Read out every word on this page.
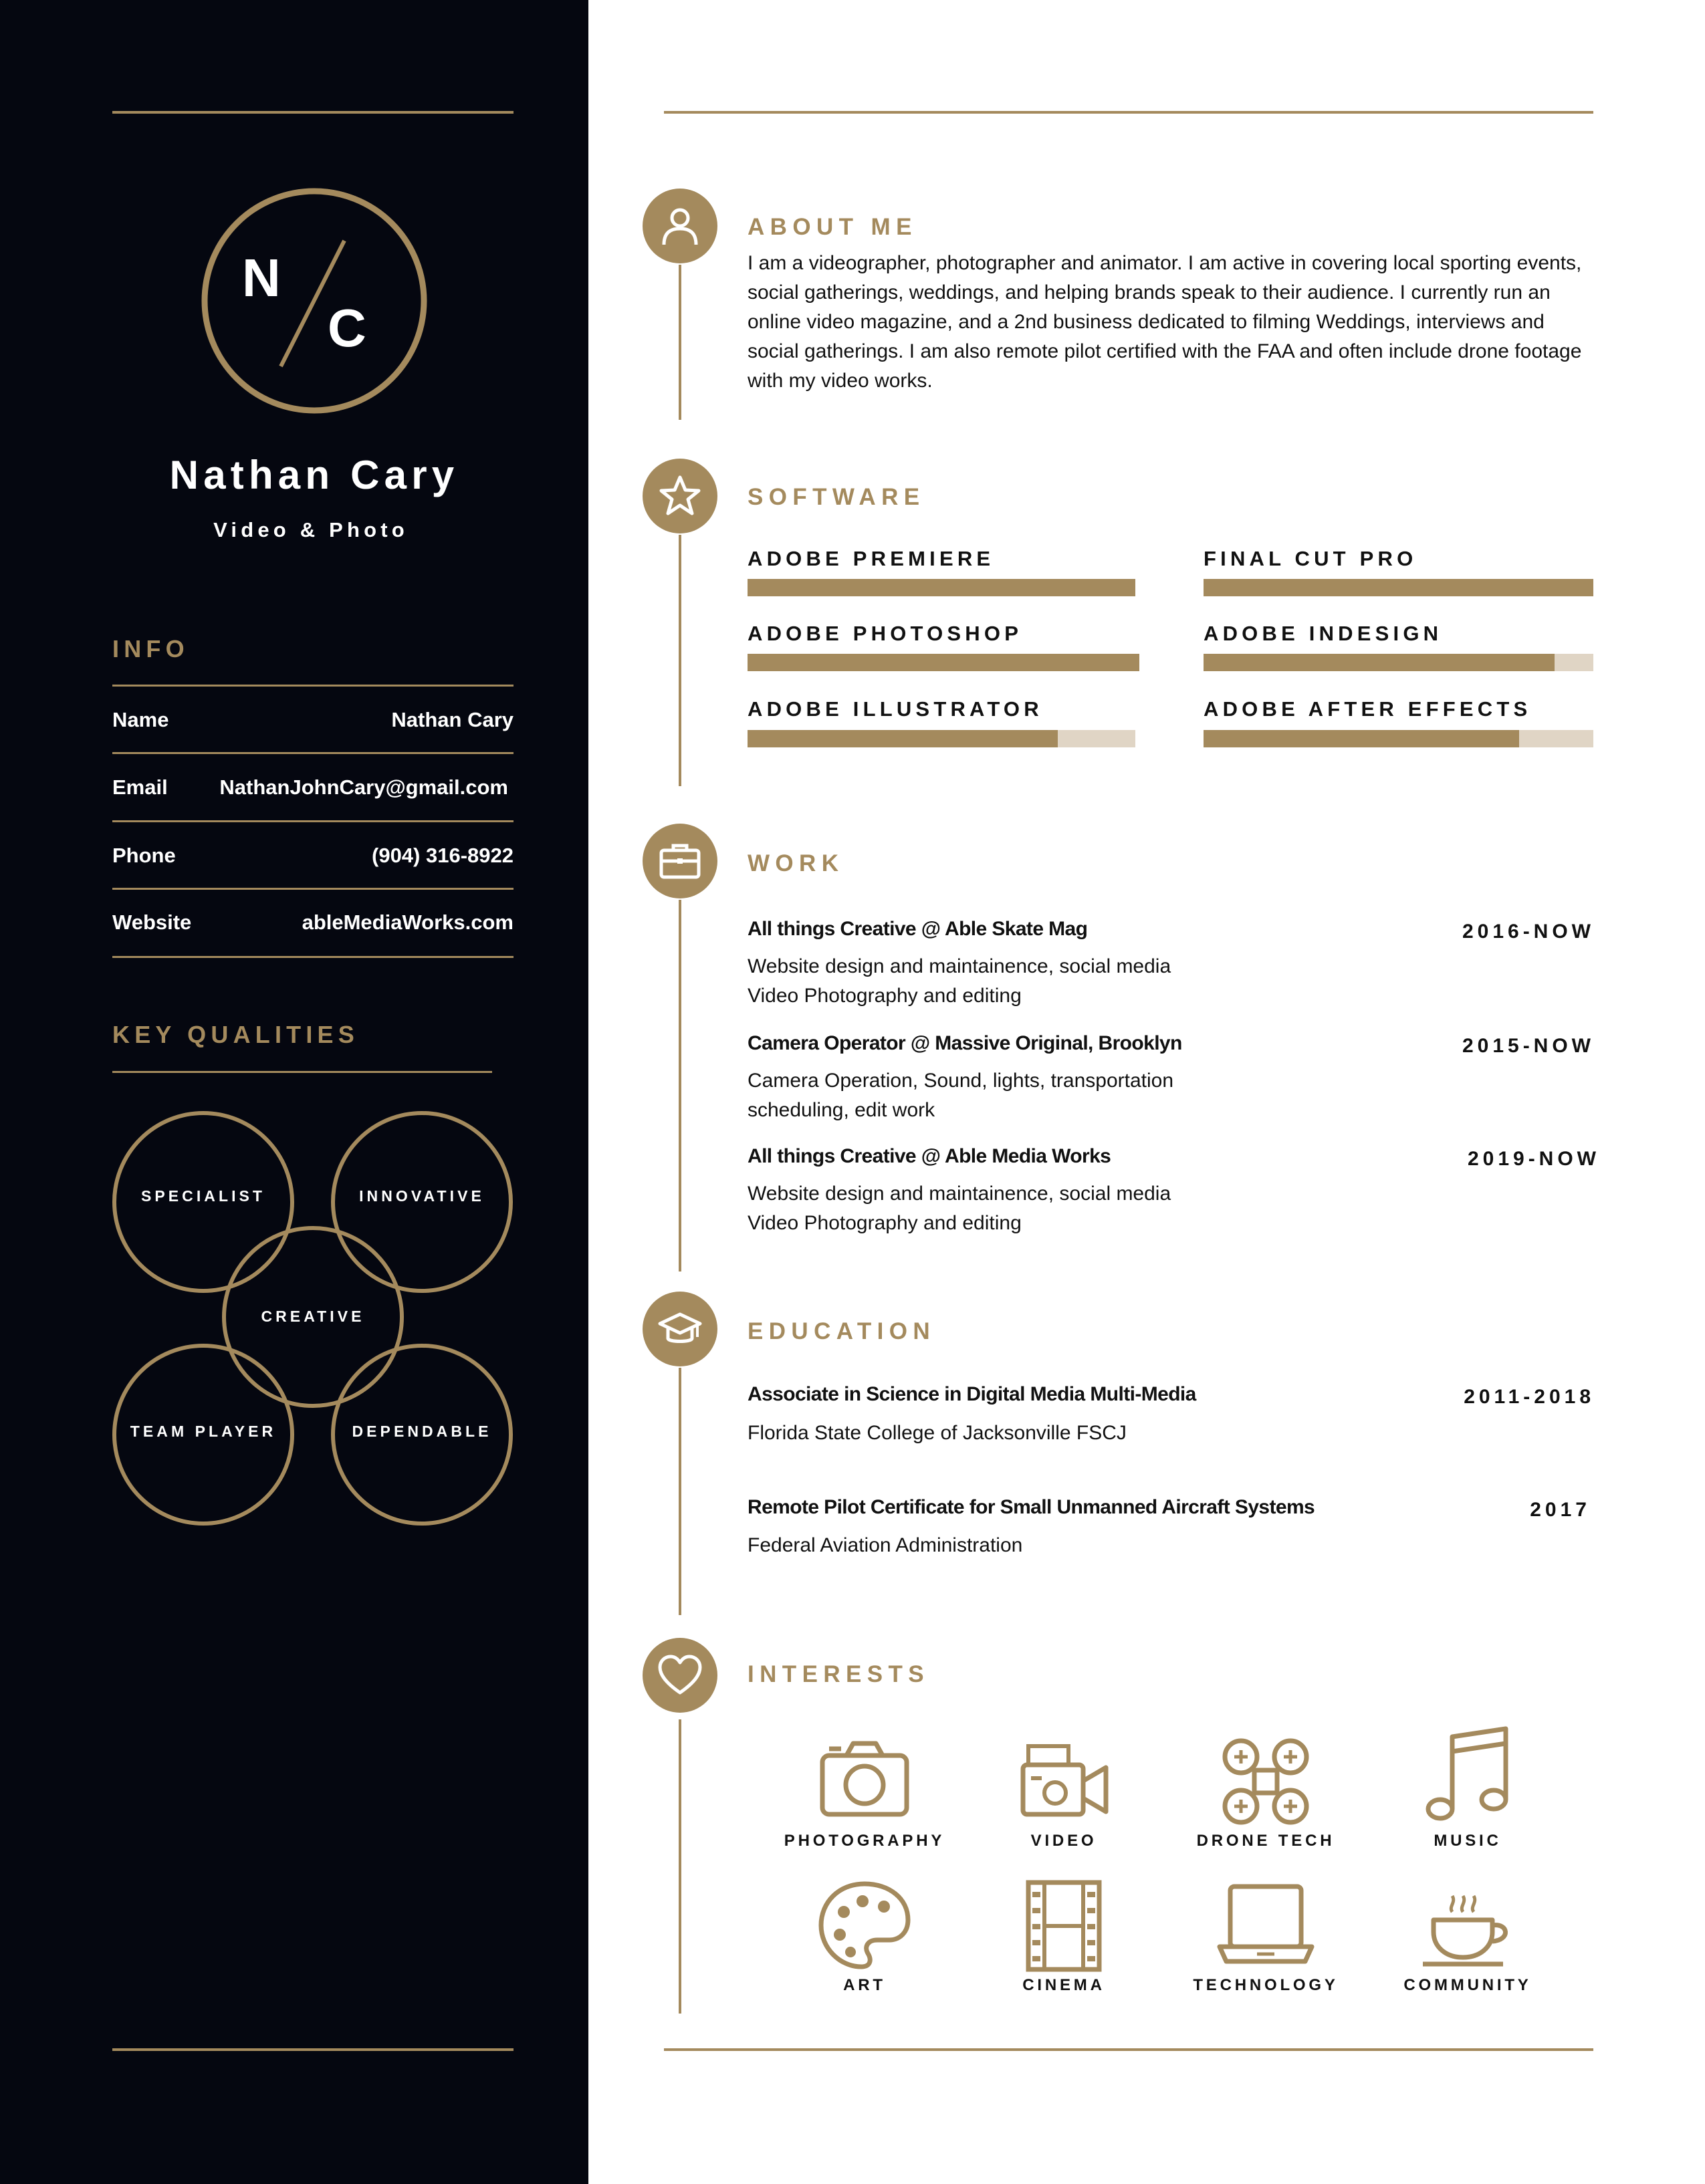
N
C
Nathan Cary
Video & Photo
INFO
Name	Nathan Cary
Email	NathanJohnCary@gmail.com
Phone	(904) 316-8922
Website	ableMediaWorks.com
KEY QUALITIES
SPECIALIST	INNOVATIVE
CREATIVE
TEAM PLAYER	DEPENDABLE
ABOUT ME
I am a videographer, photographer and animator. I am active in covering local sporting events,
social gatherings, weddings, and helping brands speak to their audience. I currently run an
online video magazine, and a 2nd business dedicated to filming Weddings, interviews and
social gatherings. I am also remote pilot certified with the FAA and often include drone footage
with my video works.
SOFTWARE
ADOBE PREMIERE	FINAL CUT PRO
ADOBE PHOTOSHOP	ADOBE INDESIGN
ADOBE ILLUSTRATOR	ADOBE AFTER EFFECTS
WORK
All things Creative @ Able Skate Mag	2016-NOW
Website design and maintainence, social media
Video Photography and editing
Camera Operator @ Massive Original, Brooklyn	2015-NOW
Camera Operation, Sound, lights, transportation
scheduling, edit work
All things Creative @ Able Media Works	2019-NOW
Website design and maintainence, social media
Video Photography and editing
EDUCATION
Associate in Science in Digital Media Multi-Media	2011-2018
Florida State College of Jacksonville FSCJ
Remote Pilot Certificate for Small Unmanned Aircraft Systems	2017
Federal Aviation Administration
INTERESTS
PHOTOGRAPHY	VIDEO	DRONE TECH	MUSIC
ART	CINEMA	TECHNOLOGY	COMMUNITY
